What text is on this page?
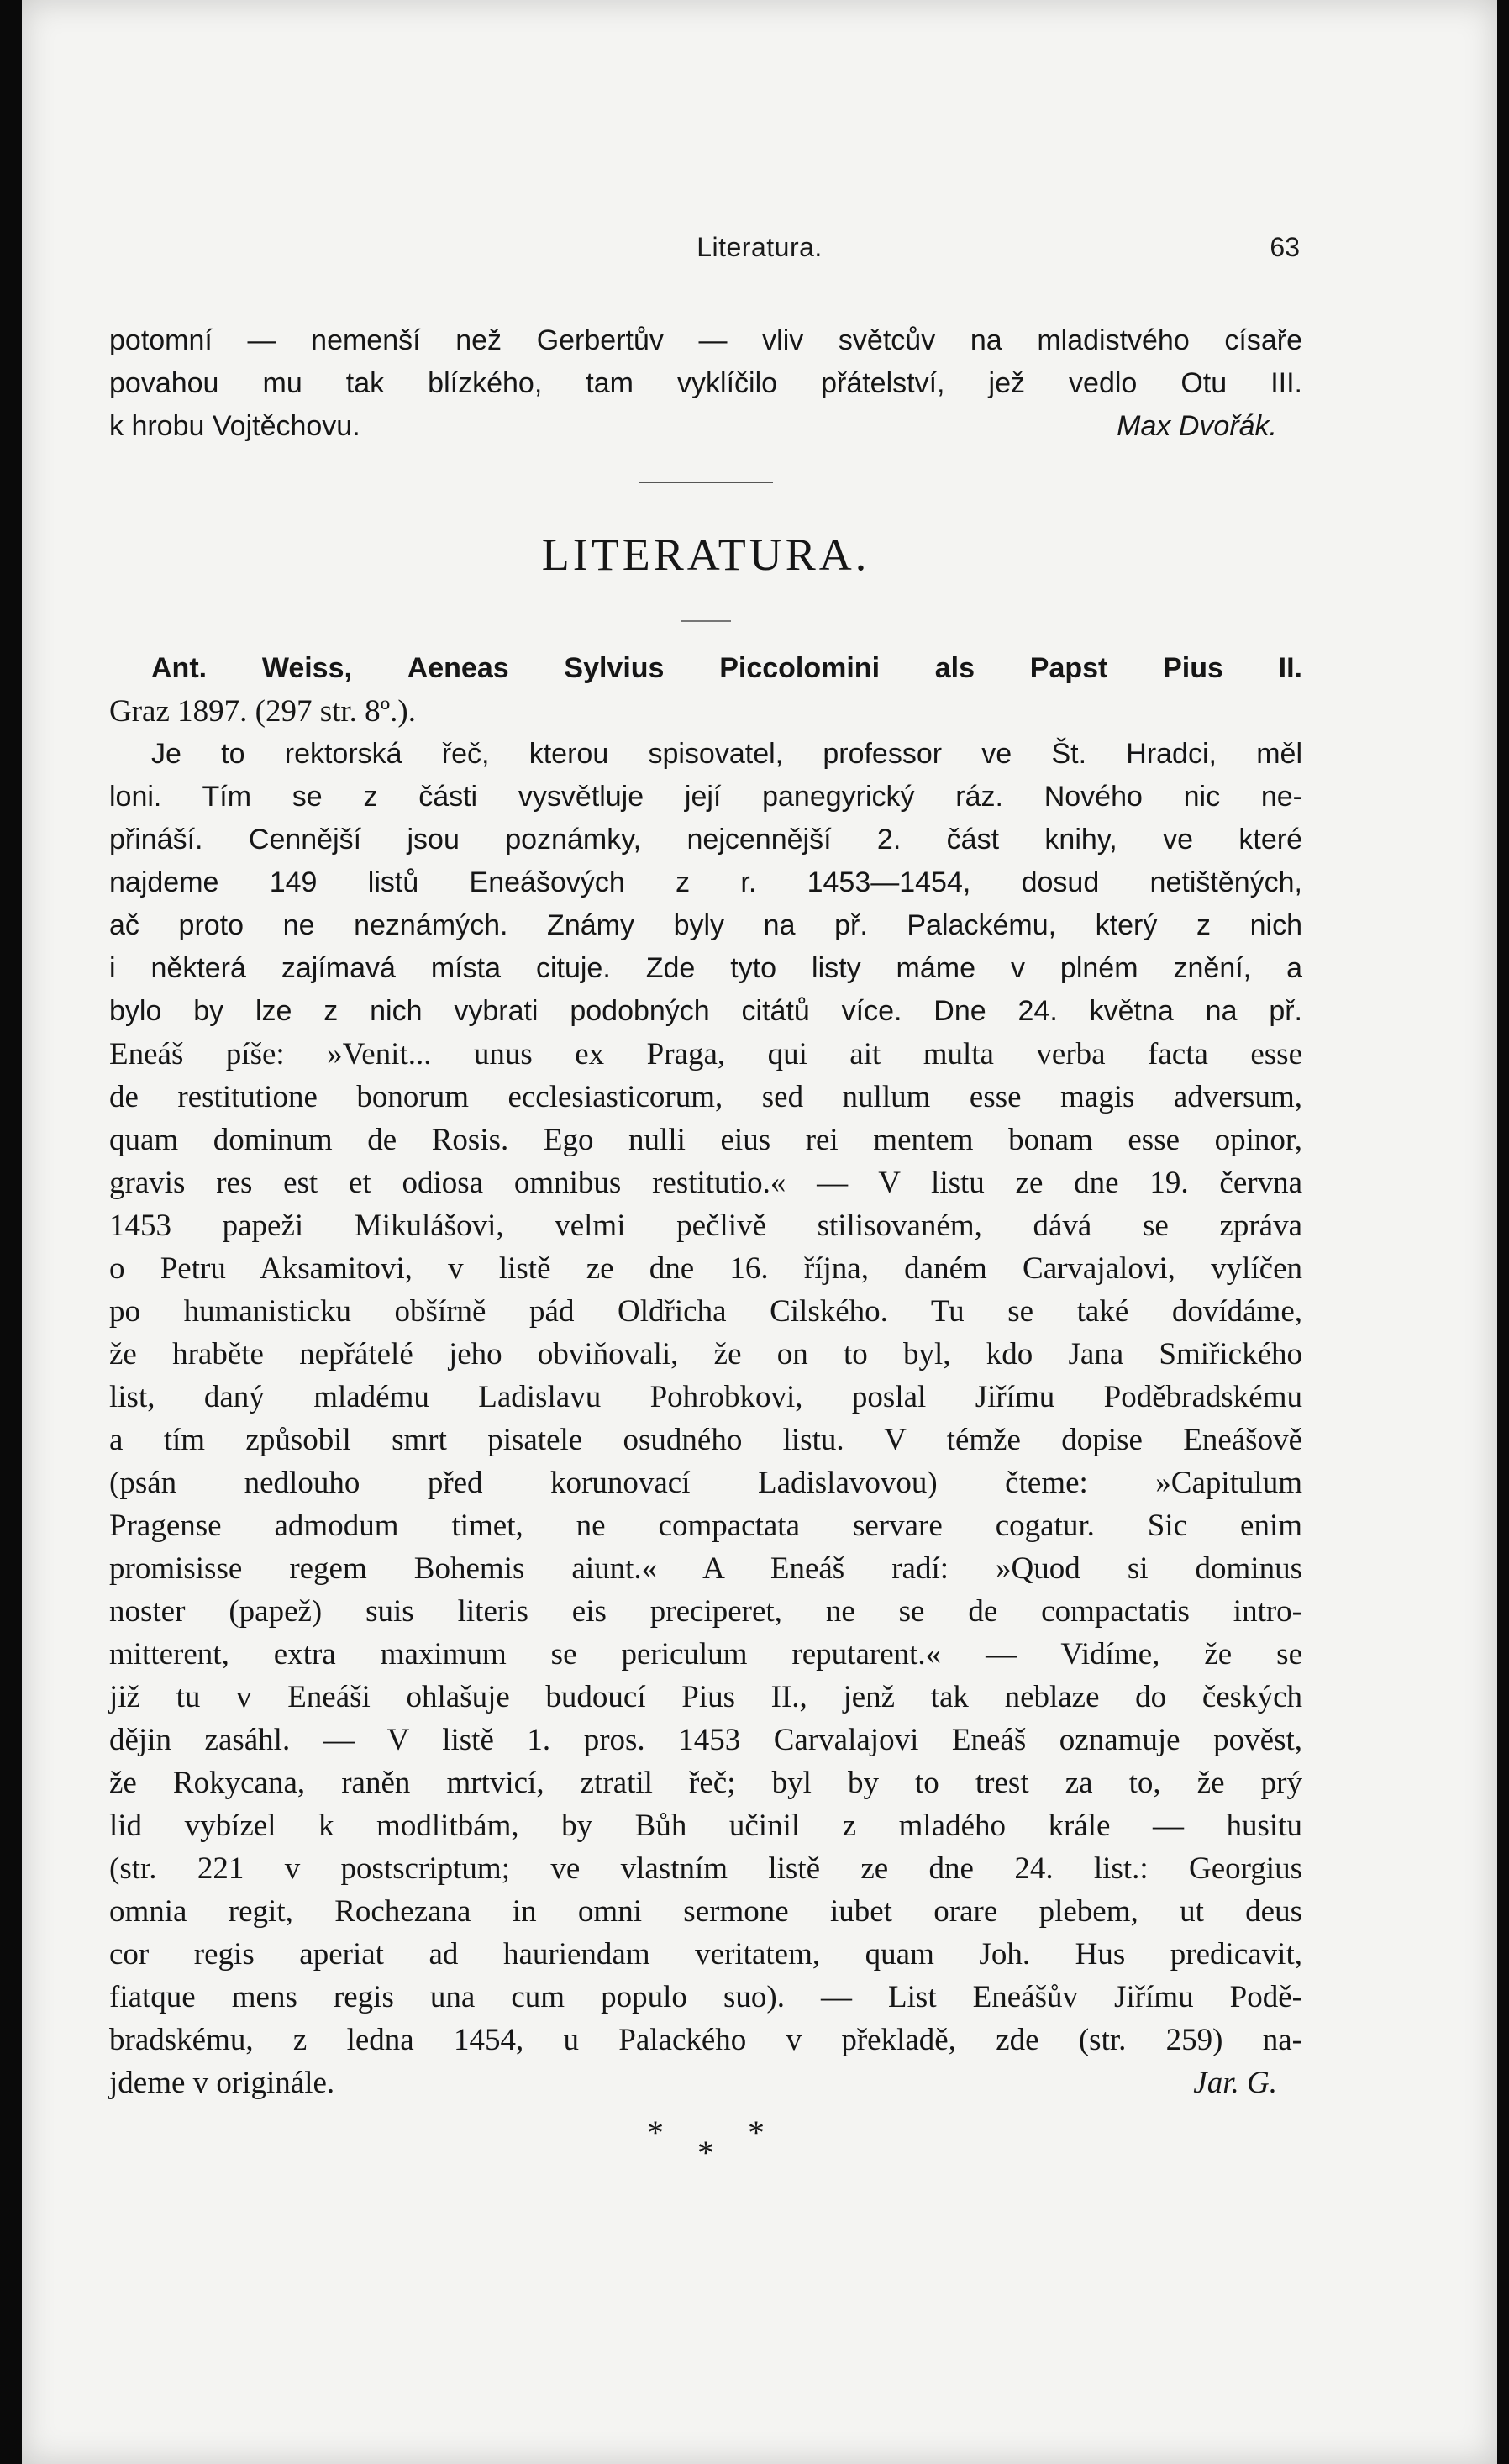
Literatura.	63
potomní — nemenší než Gerbertův — vliv světcův na mladistvého císaře
povahou mu tak blízkého, tam vyklíčilo přátelství, jež vedlo Otu III.
k hrobu Vojtěchovu.	Max Dvořák.
LITERATURA.
Ant. Weiss, Aeneas Sylvius Piccolomini als Papst Pius II.
Graz 1897. (297 str. 8º.).
Je to rektorská řeč, kterou spisovatel, professor ve Št. Hradci, měl
loni. Tím se z části vysvětluje její panegyrický ráz. Nového nic ne-
přináší. Cennější jsou poznámky, nejcennější 2. část knihy, ve které
najdeme 149 listů Eneášových z r. 1453—1454, dosud netištěných,
ač proto ne neznámých. Známy byly na př. Palackému, který z nich
i některá zajímavá místa cituje. Zde tyto listy máme v plném znění, a
bylo by lze z nich vybrati podobných citátů více. Dne 24. května na př.
Eneáš píše: »Venit... unus ex Praga, qui ait multa verba facta esse
de restitutione bonorum ecclesiasticorum, sed nullum esse magis adversum,
quam dominum de Rosis. Ego nulli eius rei mentem bonam esse opinor,
gravis res est et odiosa omnibus restitutio.« — V listu ze dne 19. června
1453 papeži Mikulášovi, velmi pečlivě stilisovaném, dává se zpráva
o Petru Aksamitovi, v listě ze dne 16. října, daném Carvajalovi, vylíčen
po humanisticku obšírně pád Oldřicha Cilského. Tu se také dovídáme,
že hraběte nepřátelé jeho obviňovali, že on to byl, kdo Jana Smiřického
list, daný mladému Ladislavu Pohrobkovi, poslal Jiřímu Poděbradskému
a tím způsobil smrt pisatele osudného listu. V témže dopise Eneášově
(psán nedlouho před korunovací Ladislavovou) čteme: »Capitulum
Pragense admodum timet, ne compactata servare cogatur. Sic enim
promisisse regem Bohemis aiunt.« A Eneáš radí: »Quod si dominus
noster (papež) suis literis eis preciperet, ne se de compactatis intro-
mitterent, extra maximum se periculum reputarent.« — Vidíme, že se
již tu v Eneáši ohlašuje budoucí Pius II., jenž tak neblaze do českých
dějin zasáhl. — V listě 1. pros. 1453 Carvalajovi Eneáš oznamuje pověst,
že Rokycana, raněn mrtvicí, ztratil řeč; byl by to trest za to, že prý
lid vybízel k modlitbám, by Bůh učinil z mladého krále — husitu
(str. 221 v postscriptum; ve vlastním listě ze dne 24. list.: Georgius
omnia regit, Rochezana in omni sermone iubet orare plebem, ut deus
cor regis aperiat ad hauriendam veritatem, quam Joh. Hus predicavit,
fiatque mens regis una cum populo suo). — List Eneášův Jiřímu Podě-
bradskému, z ledna 1454, u Palackého v překladě, zde (str. 259) na-
jdeme v originále.	Jar. G.
*
*
*
